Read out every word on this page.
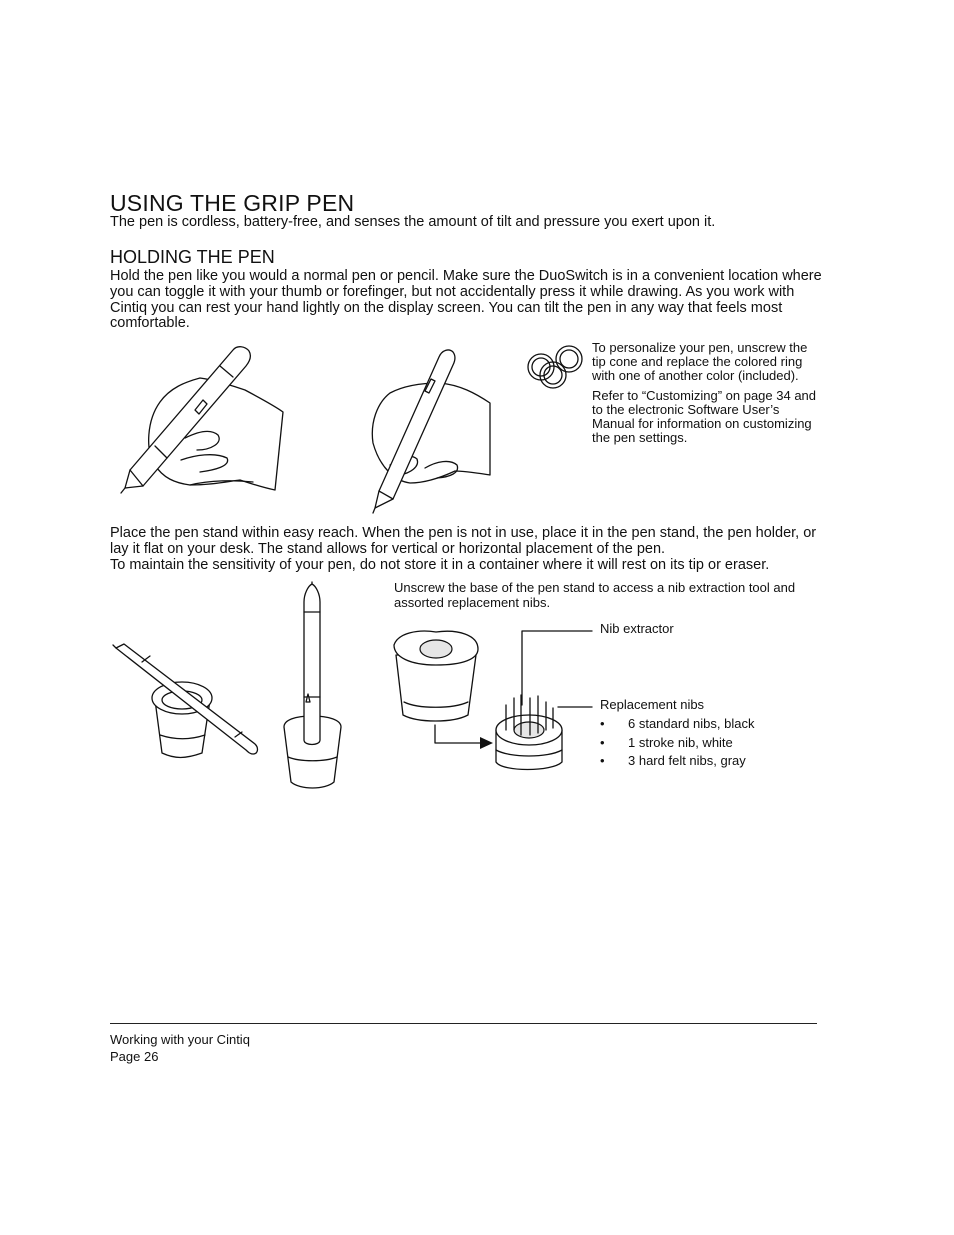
USING THE GRIP PEN
The pen is cordless, battery-free, and senses the amount of tilt and pressure you exert upon it.
HOLDING THE PEN
Hold the pen like you would a normal pen or pencil. Make sure the DuoSwitch is in a convenient location where you can toggle it with your thumb or forefinger, but not accidentally press it while drawing. As you work with Cintiq you can rest your hand lightly on the display screen. You can tilt the pen in any way that feels most comfortable.

To personalize your pen, unscrew the tip cone and replace the colored ring with one of another color (included).

Refer to “Customizing” on page 34 and to the electronic Software User’s Manual for information on customizing the pen settings.

Place the pen stand within easy reach. When the pen is not in use, place it in the pen stand, the pen holder, or lay it flat on your desk. The stand allows for vertical or horizontal placement of the pen.
To maintain the sensitivity of your pen, do not store it in a container where it will rest on its tip or eraser.
Unscrew the base of the pen stand to access a nib extraction tool and assorted replacement nibs.
Nib extractor
Replacement nibs
• 6 standard nibs, black
• 1 stroke nib, white
• 3 hard felt nibs, gray
Working with your Cintiq
Page 26
